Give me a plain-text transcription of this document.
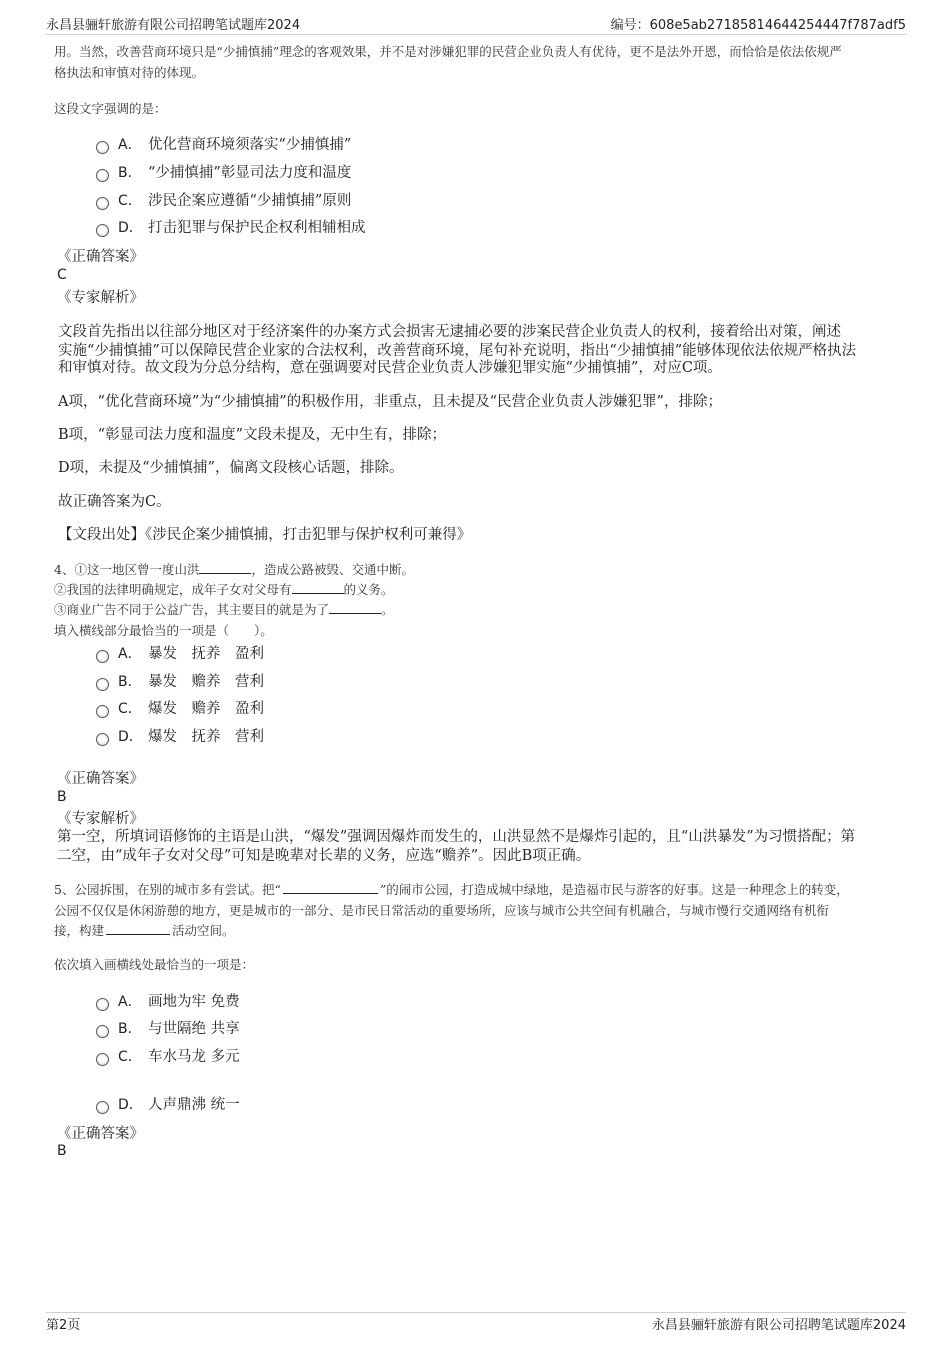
永昌县骊轩旅游有限公司招聘笔试题库2024	编号：608e5ab27185814644254447f787adf5
用。当然，改善营商环境只是“少捕慎捕”理念的客观效果，并不是对涉嫌犯罪的民营企业负责人有优待，更不是法外开恩，而恰恰是依法依规严
格执法和审慎对待的体现。
这段文字强调的是：
A． 优化营商环境须落实“少捕慎捕”
B． “少捕慎捕”彰显司法力度和温度
C． 涉民企案应遵循“少捕慎捕”原则
D． 打击犯罪与保护民企权利相辅相成
《正确答案》
C
《专家解析》
文段首先指出以往部分地区对于经济案件的办案方式会损害无逮捕必要的涉案民营企业负责人的权利，接着给出对策，阐述
实施“少捕慎捕”可以保障民营企业家的合法权利，改善营商环境，尾句补充说明，指出“少捕慎捕”能够体现依法依规严格执法
和审慎对待。故文段为分总分结构，意在强调要对民营企业负责人涉嫌犯罪实施“少捕慎捕”，对应C项。
A项，“优化营商环境”为“少捕慎捕”的积极作用，非重点，且未提及“民营企业负责人涉嫌犯罪”，排除；
B项，“彰显司法力度和温度”文段未提及，无中生有，排除；
D项，未提及“少捕慎捕”，偏离文段核心话题，排除。
故正确答案为C。
【文段出处】《涉民企案少捕慎捕，打击犯罪与保护权利可兼得》
4、①这一地区曾一度山洪	，造成公路被毁、交通中断。
②我国的法律明确规定，成年子女对父母有	的义务。
③商业广告不同于公益广告，其主要目的就是为了	。
填入横线部分最恰当的一项是（　　）。
A． 暴发　抚养　盈利
B． 暴发　赡养　营利
C． 爆发　赡养　盈利
D． 爆发　抚养　营利
《正确答案》
B
《专家解析》
第一空，所填词语修饰的主语是山洪，“爆发”强调因爆炸而发生的，山洪显然不是爆炸引起的，且“山洪暴发”为习惯搭配；第
二空，由“成年子女对父母”可知是晚辈对长辈的义务，应选“赡养”。因此B项正确。
5、公园拆围，在别的城市多有尝试。把“	”的闹市公园，打造成城中绿地，是造福市民与游客的好事。这是一种理念上的转变，
公园不仅仅是休闲游憩的地方，更是城市的一部分、是市民日常活动的重要场所，应该与城市公共空间有机融合，与城市慢行交通网络有机衔
接，构建	活动空间。
依次填入画横线处最恰当的一项是：
A． 画地为牢 免费
B． 与世隔绝 共享
C． 车水马龙 多元
D． 人声鼎沸 统一
《正确答案》
B
第2页	永昌县骊轩旅游有限公司招聘笔试题库2024
